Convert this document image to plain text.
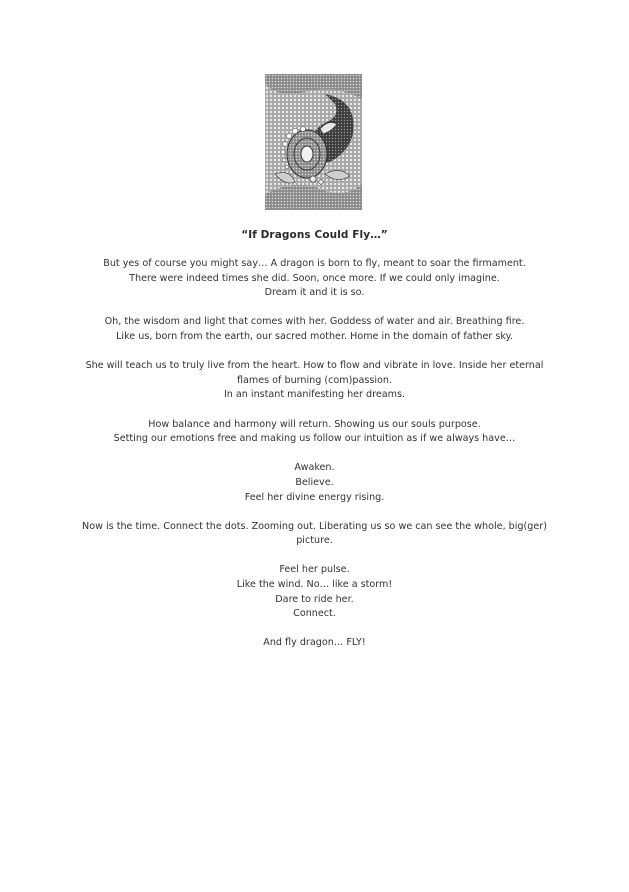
“If Dragons Could Fly…”
But yes of course you might say… A dragon is born to fly, meant to soar the firmament.
There were indeed times she did. Soon, once more. If we could only imagine.
Dream it and it is so.
Oh, the wisdom and light that comes with her. Goddess of water and air. Breathing fire.
Like us, born from the earth, our sacred mother. Home in the domain of father sky.
She will teach us to truly live from the heart. How to flow and vibrate in love. Inside her eternal
flames of burning (com)passion.
In an instant manifesting her dreams.
How balance and harmony will return. Showing us our souls purpose.
Setting our emotions free and making us follow our intuition as if we always have…
Awaken.
Believe.
Feel her divine energy rising.
Now is the time. Connect the dots. Zooming out. Liberating us so we can see the whole, big(ger)
picture.
Feel her pulse.
Like the wind. No… like a storm!
Dare to ride her.
Connect.
And fly dragon… FLY!
